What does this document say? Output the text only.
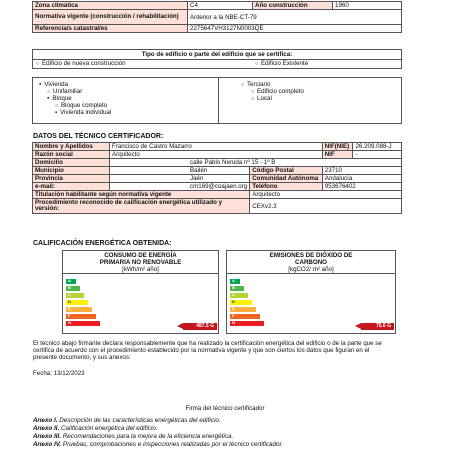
Zona climática	C4	Año construcción	1960
Normativa vigente (construcción / rehabilitación)	Anterior a la NBE-CT-79		
Referencia/s catastral/es	2275647VH3127N0003QE		
Tipo de edificio o parte del edificio que se certifica:
○ Edificio de nueva construcción	○ Edificio Existente
● Vivienda
○ Unifamiliar
● Bloque
○ Bloque completo
▪ Vivienda individual
○ Terciario
○ Edificio completo
○ Local
DATOS DEL TÉCNICO CERTIFICADOR:
Nombre y Apellidos	Francisco de Castro Mazarro		NIF(NIE)	26.209.088-J
Razón social	Arquitecto		NIF	-
Domicilio	calle Pablo Neruda nº 15 - 1º B			
Municipio	Bailén	Código Postal	23710	
Provincia	Jaén	Comunidad Autónoma	Andalucía	
e-mail:	cm169@coajaen.org	Teléfono	953676402	
Titulación habilitante según normativa vigente		Arquitecto		
Procedimiento reconocido de calificación energética utilizado y versión:		CEXv2.3		
CALIFICACIÓN ENERGÉTICA OBTENIDA:
CONSUMO DE ENERGÍA
PRIMARIA NO RENOVABLE
[kWh/m² año]
A
B
C
D
E
F
G
487.5 G
EMISIONES DE DIÓXIDO DE
CARBONO
[kgCO2/ m² año]
A
B
C
D
E
F
G
76.6 G
El técnico abajo firmante declara responsablemente que ha realizado la certificación energética del edificio o de la parte que se
certifica de acuerdo con el procedimiento establecido por la normativa vigente y que son ciertos los datos que figuran en el
presente documento, y sus anexos:
Fecha: 13/12/2023
Firma del técnico certificador
Anexo I. Descripción de las características energéticas del edificio.
Anexo II. Calificación energética del edificio.
Anexo III. Recomendaciones para la mejora de la eficiencia energética.
Anexo IV. Pruebas, comprobaciones e inspecciones realizadas por el técnico certificador.
